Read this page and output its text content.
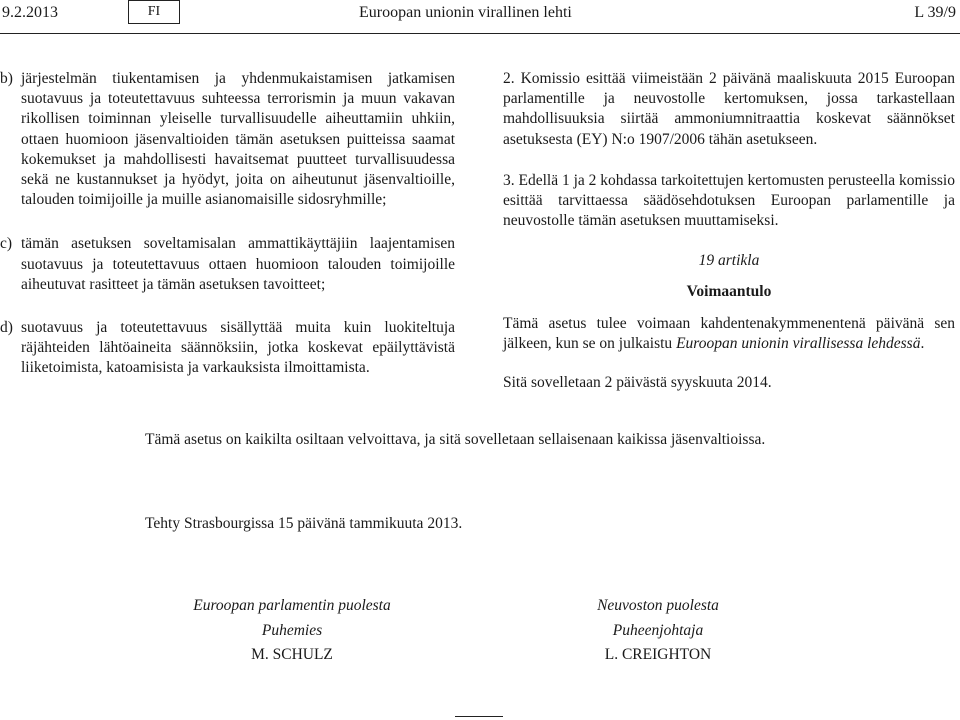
9.2.2013	FI	Euroopan unionin virallinen lehti	L 39/9
b) järjestelmän tiukentamisen ja yhdenmukaistamisen jatkamisen suotavuus ja toteutettavuus suhteessa terrorismin ja muun vakavan rikollisen toiminnan yleiselle turvallisuudelle aiheuttamiin uhkiin, ottaen huomioon jäsenvaltioiden tämän asetuksen puitteissa saamat kokemukset ja mahdollisesti havaitsemat puutteet turvallisuudessa sekä ne kustannukset ja hyödyt, joita on aiheutunut jäsenvaltioille, talouden toimijoille ja muille asianomaisille sidosryhmille;
c) tämän asetuksen soveltamisalan ammattikäyttäjiin laajentamisen suotavuus ja toteutettavuus ottaen huomioon talouden toimijoille aiheutuvat rasitteet ja tämän asetuksen tavoitteet;
d) suotavuus ja toteutettavuus sisällyttää muita kuin luokiteltuja räjähteiden lähtöaineita säännöksiin, jotka koskevat epäilyttävistä liiketoimista, katoamisista ja varkauksista ilmoittamista.

2. Komissio esittää viimeistään 2 päivänä maaliskuuta 2015 Euroopan parlamentille ja neuvostolle kertomuksen, jossa tarkastellaan mahdollisuuksia siirtää ammoniumnitraattia koskevat säännökset asetuksesta (EY) N:o 1907/2006 tähän asetukseen.

3. Edellä 1 ja 2 kohdassa tarkoitettujen kertomusten perusteella komissio esittää tarvittaessa säädösehdotuksen Euroopan parlamentille ja neuvostolle tämän asetuksen muuttamiseksi.

19 artikla

Voimaantulo

Tämä asetus tulee voimaan kahdentenakymmenentenä päivänä sen jälkeen, kun se on julkaistu Euroopan unionin virallisessa lehdessä.

Sitä sovelletaan 2 päivästä syyskuuta 2014.

Tämä asetus on kaikilta osiltaan velvoittava, ja sitä sovelletaan sellaisenaan kaikissa jäsenvaltioissa.
Tehty Strasbourgissa 15 päivänä tammikuuta 2013.
Euroopan parlamentin puolesta
Puhemies
M. SCHULZ
Neuvoston puolesta
Puheenjohtaja
L. CREIGHTON
